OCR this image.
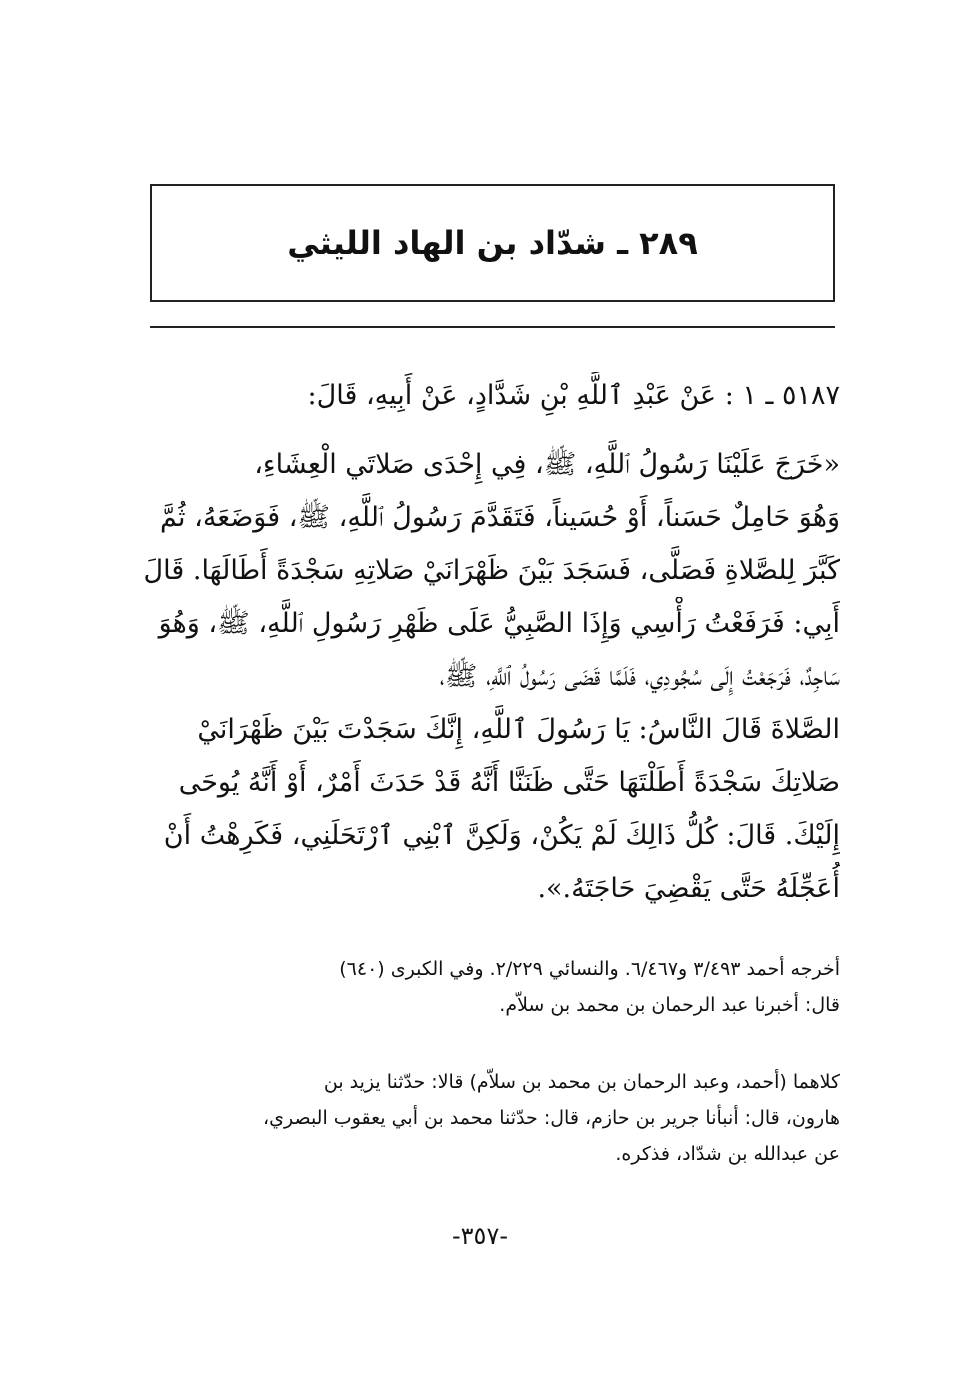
٢٨٩ ـ شدّاد بن الهاد الليثي
٥١٨٧ ـ ١ : عَنْ عَبْدِ ٱللَّهِ بْنِ شَدَّادٍ، عَنْ أَبِيهِ، قَالَ:
«خَرَجَ عَلَيْنَا رَسُولُ ٱللَّهِ، ﷺ، فِي إِحْدَى صَلاتَي الْعِشَاءِ،
وَهُوَ حَامِلٌ حَسَناً، أَوْ حُسَيناً، فَتَقَدَّمَ رَسُولُ ٱللَّهِ، ﷺ، فَوَضَعَهُ، ثُمَّ
كَبَّرَ لِلصَّلاةِ فَصَلَّى، فَسَجَدَ بَيْنَ ظَهْرَانَيْ صَلاتِهِ سَجْدَةً أَطَالَهَا. قَالَ
أَبِي: فَرَفَعْتُ رَأْسِي وَإِذَا الصَّبِيُّ عَلَى ظَهْرِ رَسُولِ ٱللَّهِ، ﷺ، وَهُوَ
سَاجِدٌ، فَرَجَعْتُ إِلَى سُجُودِي، فَلَمَّا قَضَى رَسُولُ ٱللَّهِ، ﷺ،
الصَّلاةَ قَالَ النَّاسُ: يَا رَسُولَ ٱللَّهِ، إِنَّكَ سَجَدْتَ بَيْنَ ظَهْرَانَيْ
صَلاتِكَ سَجْدَةً أَطَلْتَهَا حَتَّى ظَنَنَّا أَنَّهُ قَدْ حَدَثَ أَمْرٌ، أَوْ أَنَّهُ يُوحَى
إِلَيْكَ. قَالَ: كُلُّ ذَالِكَ لَمْ يَكُنْ، وَلَكِنَّ ٱبْنِي ٱرْتَحَلَنِي، فَكَرِهْتُ أَنْ
أُعَجِّلَهُ حَتَّى يَقْضِيَ حَاجَتَهُ.».
أخرجه أحمد ٣/٤٩٣ و٦/٤٦٧. والنسائي ٢/٢٢٩. وفي الكبرى (٦٤٠)
قال: أخبرنا عبد الرحمان بن محمد بن سلاّم.
كلاهما (أحمد، وعبد الرحمان بن محمد بن سلاّم) قالا: حدّثنا يزيد بن
هارون، قال: أنبأنا جرير بن حازم، قال: حدّثنا محمد بن أبي يعقوب البصري،
عن عبدالله بن شدّاد، فذكره.
-٣٥٧-
